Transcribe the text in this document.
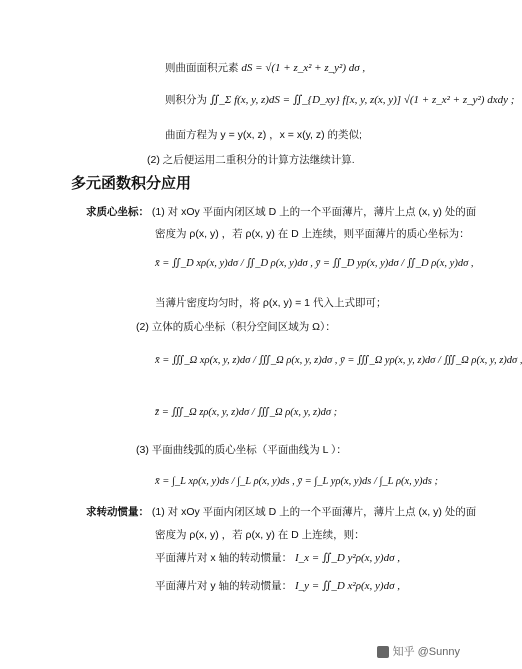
则曲面面积元素 dS = √(1 + z_x² + z_y²) dσ ,
则积分为 ∬_Σ f(x, y, z)dS = ∬_{D_xy} f[x, y, z(x, y)] √(1 + z_x² + z_y²) dxdy ;
曲面方程为 y = y(x, z) ，x = x(y, z) 的类似;
(2) 之后便运用二重积分的计算方法继续计算.
多元函数积分应用
求质心坐标： (1) 对 xOy 平面内闭区域 D 上的一个平面薄片，薄片上点 (x, y) 处的面
密度为 ρ(x, y) ，若 ρ(x, y) 在 D 上连续，则平面薄片的质心坐标为：
x̄ = ∬_D xρ(x, y)dσ / ∬_D ρ(x, y)dσ , ȳ = ∬_D yρ(x, y)dσ / ∬_D ρ(x, y)dσ ,
当薄片密度均匀时，将 ρ(x, y) = 1 代入上式即可；
(2) 立体的质心坐标（积分空间区域为 Ω）：
x̄ = ∭_Ω xρ(x, y, z)dσ / ∭_Ω ρ(x, y, z)dσ , ȳ = ∭_Ω yρ(x, y, z)dσ / ∭_Ω ρ(x, y, z)dσ ,
z̄ = ∭_Ω zρ(x, y, z)dσ / ∭_Ω ρ(x, y, z)dσ ;
(3) 平面曲线弧的质心坐标（平面曲线为 L ）：
x̄ = ∫_L xρ(x, y)ds / ∫_L ρ(x, y)ds , ȳ = ∫_L yρ(x, y)ds / ∫_L ρ(x, y)ds ;
求转动惯量： (1) 对 xOy 平面内闭区域 D 上的一个平面薄片，薄片上点 (x, y) 处的面
密度为 ρ(x, y) ，若 ρ(x, y) 在 D 上连续，则：
平面薄片对 x 轴的转动惯量： I_x = ∬_D y²ρ(x, y)dσ ,
平面薄片对 y 轴的转动惯量： I_y = ∬_D x²ρ(x, y)dσ ,
知乎 @Sunny
